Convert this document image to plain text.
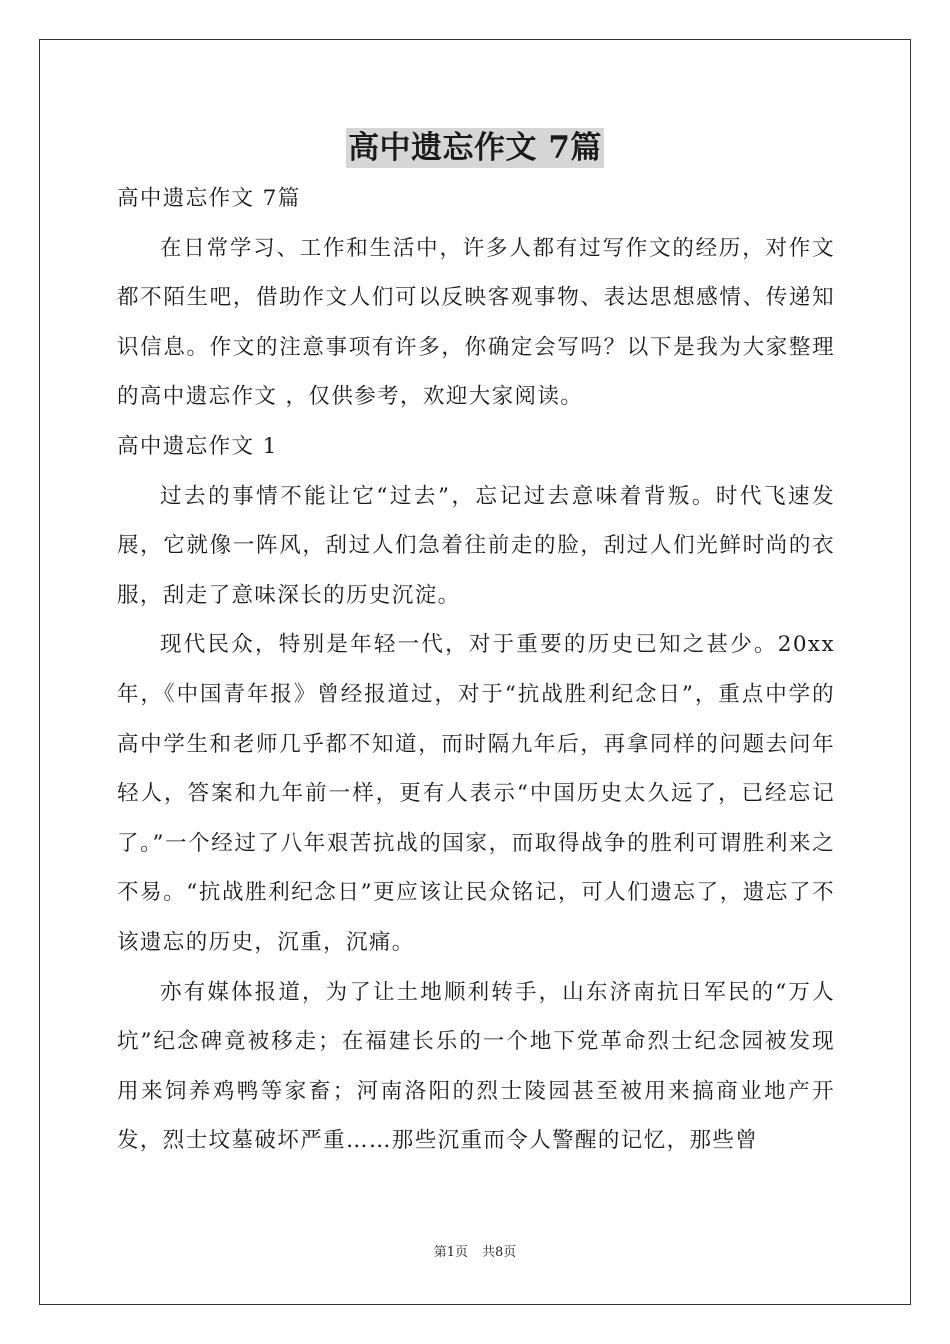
高中遗忘作文 7篇

高中遗忘作文 7篇

在日常学习、工作和生活中，许多人都有过写作文的经历，对作文都不陌生吧，借助作文人们可以反映客观事物、表达思想感情、传递知识信息。作文的注意事项有许多，你确定会写吗？以下是我为大家整理的高中遗忘作文 ，仅供参考，欢迎大家阅读。

高中遗忘作文 1

过去的事情不能让它“过去”，忘记过去意味着背叛。时代飞速发展，它就像一阵风，刮过人们急着往前走的脸，刮过人们光鲜时尚的衣服，刮走了意味深长的历史沉淀。

现代民众，特别是年轻一代，对于重要的历史已知之甚少。20xx年，《中国青年报》曾经报道过，对于“抗战胜利纪念日”，重点中学的高中学生和老师几乎都不知道，而时隔九年后，再拿同样的问题去问年轻人，答案和九年前一样，更有人表示“中国历史太久远了，已经忘记了。”一个经过了八年艰苦抗战的国家，而取得战争的胜利可谓胜利来之不易。“抗战胜利纪念日”更应该让民众铭记，可人们遗忘了，遗忘了不该遗忘的历史，沉重，沉痛。

亦有媒体报道，为了让土地顺利转手，山东济南抗日军民的“万人坑”纪念碑竟被移走；在福建长乐的一个地下党革命烈士纪念园被发现用来饲养鸡鸭等家畜；河南洛阳的烈士陵园甚至被用来搞商业地产开发，烈士坟墓破坏严重……那些沉重而令人警醒的记忆，那些曾

第1页 共8页
